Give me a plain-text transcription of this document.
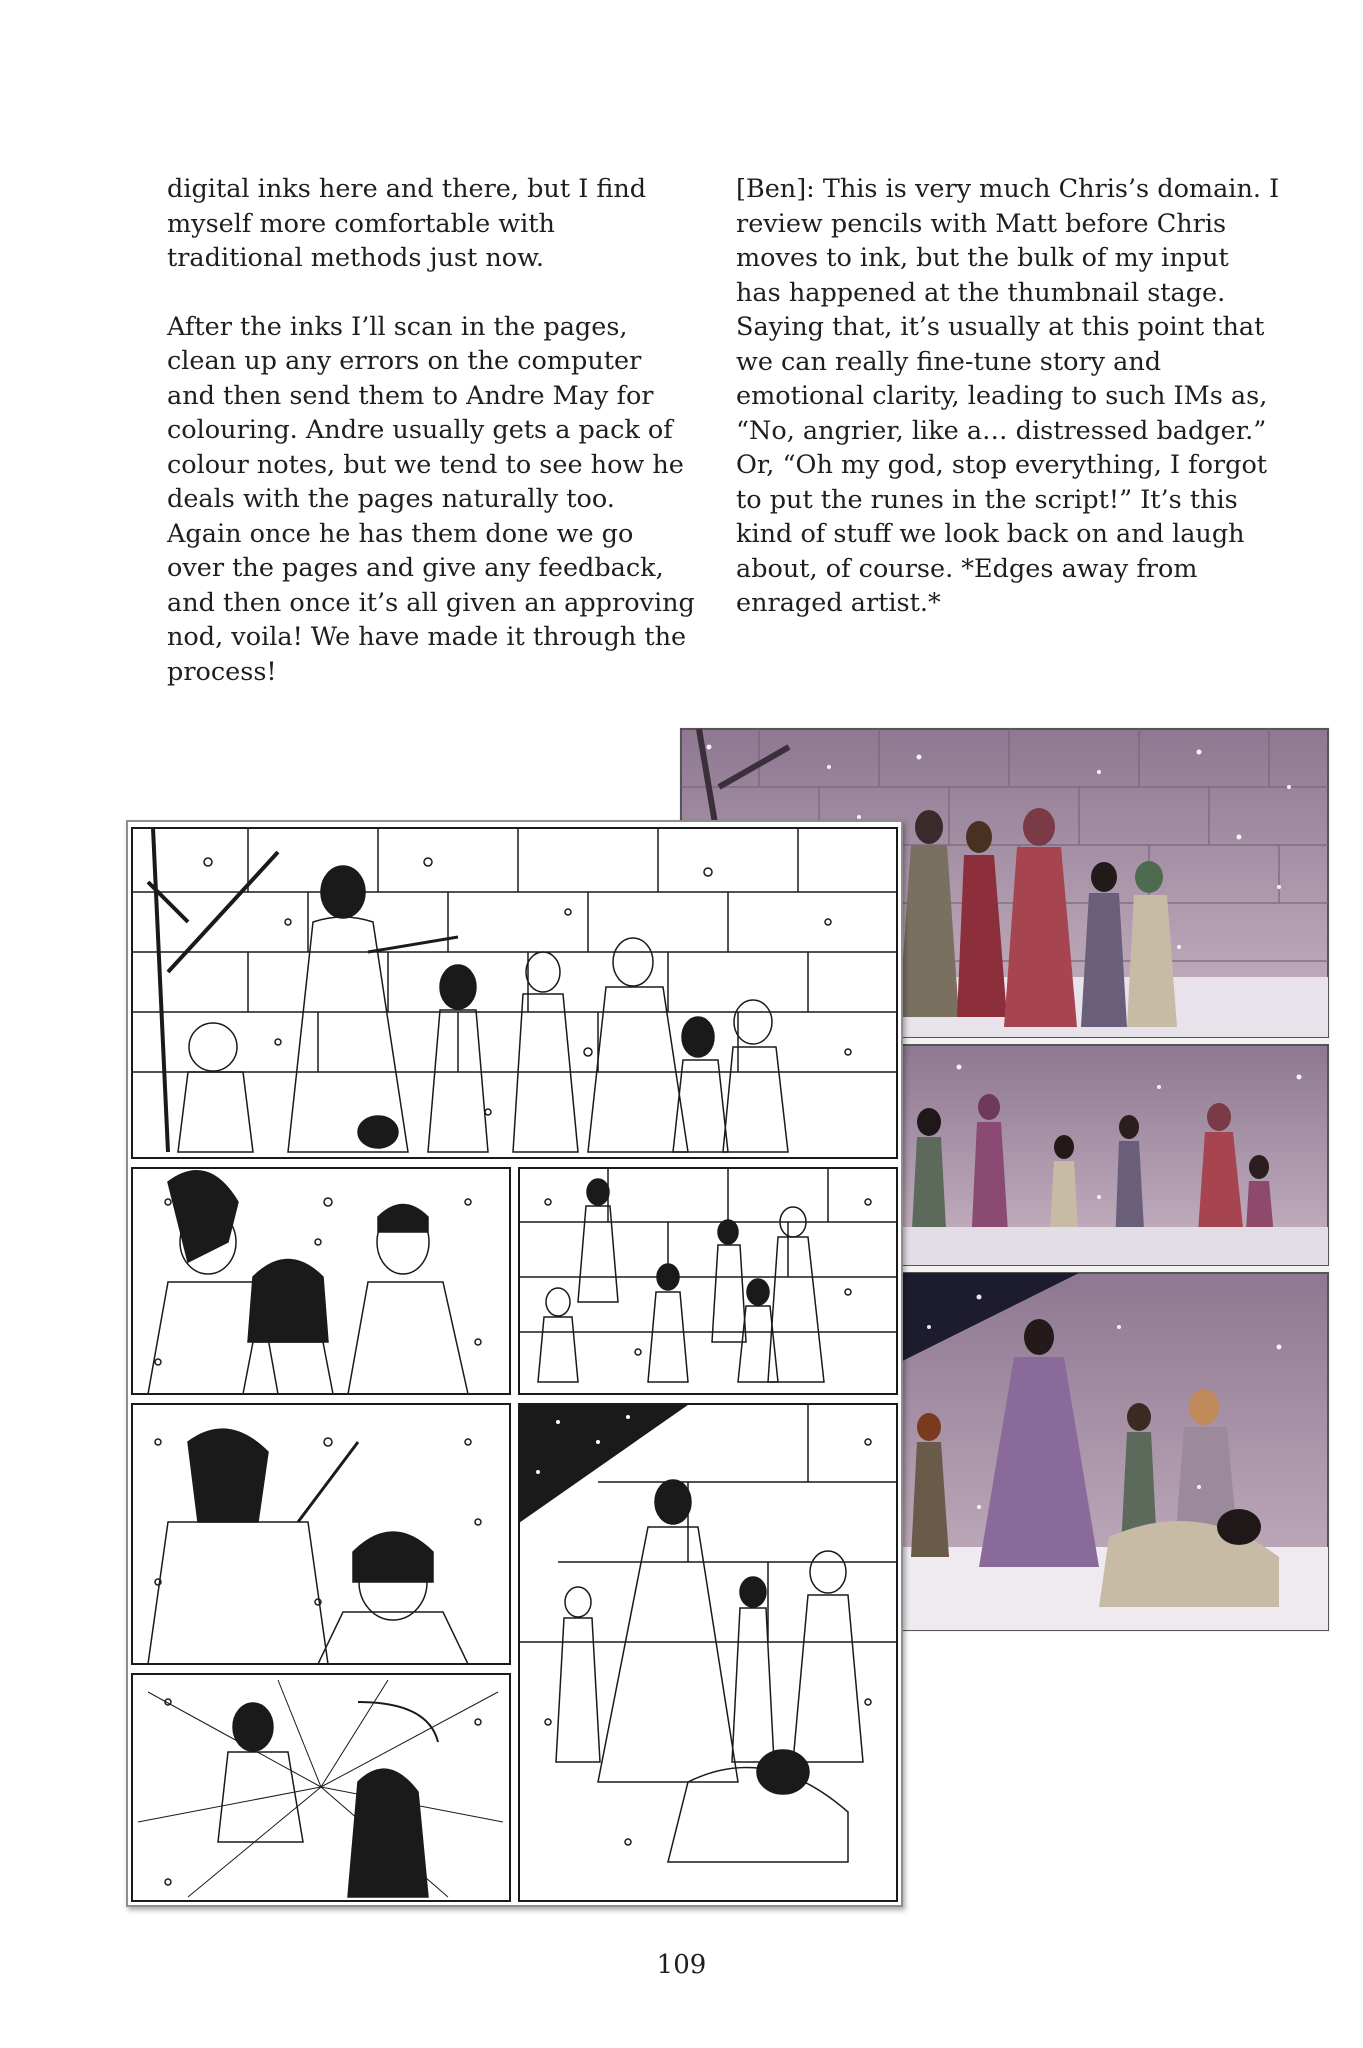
digital inks here and there, but I find myself more comfortable with traditional methods just now.

After the inks I’ll scan in the pages, clean up any errors on the computer and then send them to Andre May for colouring. Andre usually gets a pack of colour notes, but we tend to see how he deals with the pages naturally too. Again once he has them done we go over the pages and give any feedback, and then once it’s all given an approving nod, voila! We have made it through the process!

[Ben]: This is very much Chris’s domain. I review pencils with Matt before Chris moves to ink, but the bulk of my input has happened at the thumbnail stage. Saying that, it’s usually at this point that we can really fine-tune story and emotional clarity, leading to such IMs as, “No, angrier, like a… distressed badger.” Or, “Oh my god, stop everything, I forgot to put the runes in the script!” It’s this kind of stuff we look back on and laugh about, of course. *Edges away from enraged artist.*

109
